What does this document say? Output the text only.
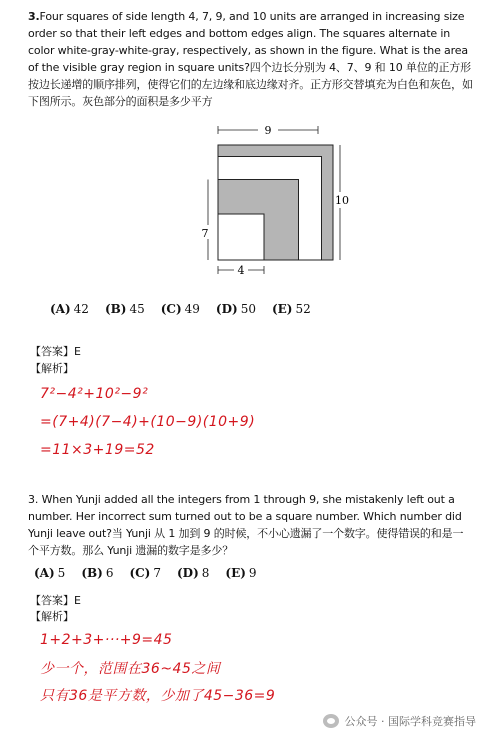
3.Four squares of side length 4, 7, 9, and 10 units are arranged in increasing size order so that their left edges and bottom edges align. The squares alternate in color white-gray-white-gray, respectively, as shown in the figure. What is the area of the visible gray region in square units?四个边长分别为 4、7、9 和 10 单位的正方形按边长递增的顺序排列，使得它们的左边缘和底边缘对齐。正方形交替填充为白色和灰色，如下图所示。灰色部分的面积是多少平方
9
10
7
4
(A) 42 (B) 45 (C) 49 (D) 50 (E) 52
【答案】E
【解析】
7²−4²+10²−9²
=(7+4)(7−4)+(10−9)(10+9)
=11×3+19=52
3. When Yunji added all the integers from 1 through 9, she mistakenly left out a number. Her incorrect sum turned out to be a square number. Which number did Yunji leave out?当 Yunji 从 1 加到 9 的时候，不小心遗漏了一个数字。使得错误的和是一个平方数。那么 Yunji 遗漏的数字是多少？
(A) 5 (B) 6 (C) 7 (D) 8 (E) 9
【答案】E
【解析】
1+2+3+···+9=45
少一个，范围在36~45之间
只有36是平方数，少加了45−36=9
公众号 · 国际学科竞赛指导
